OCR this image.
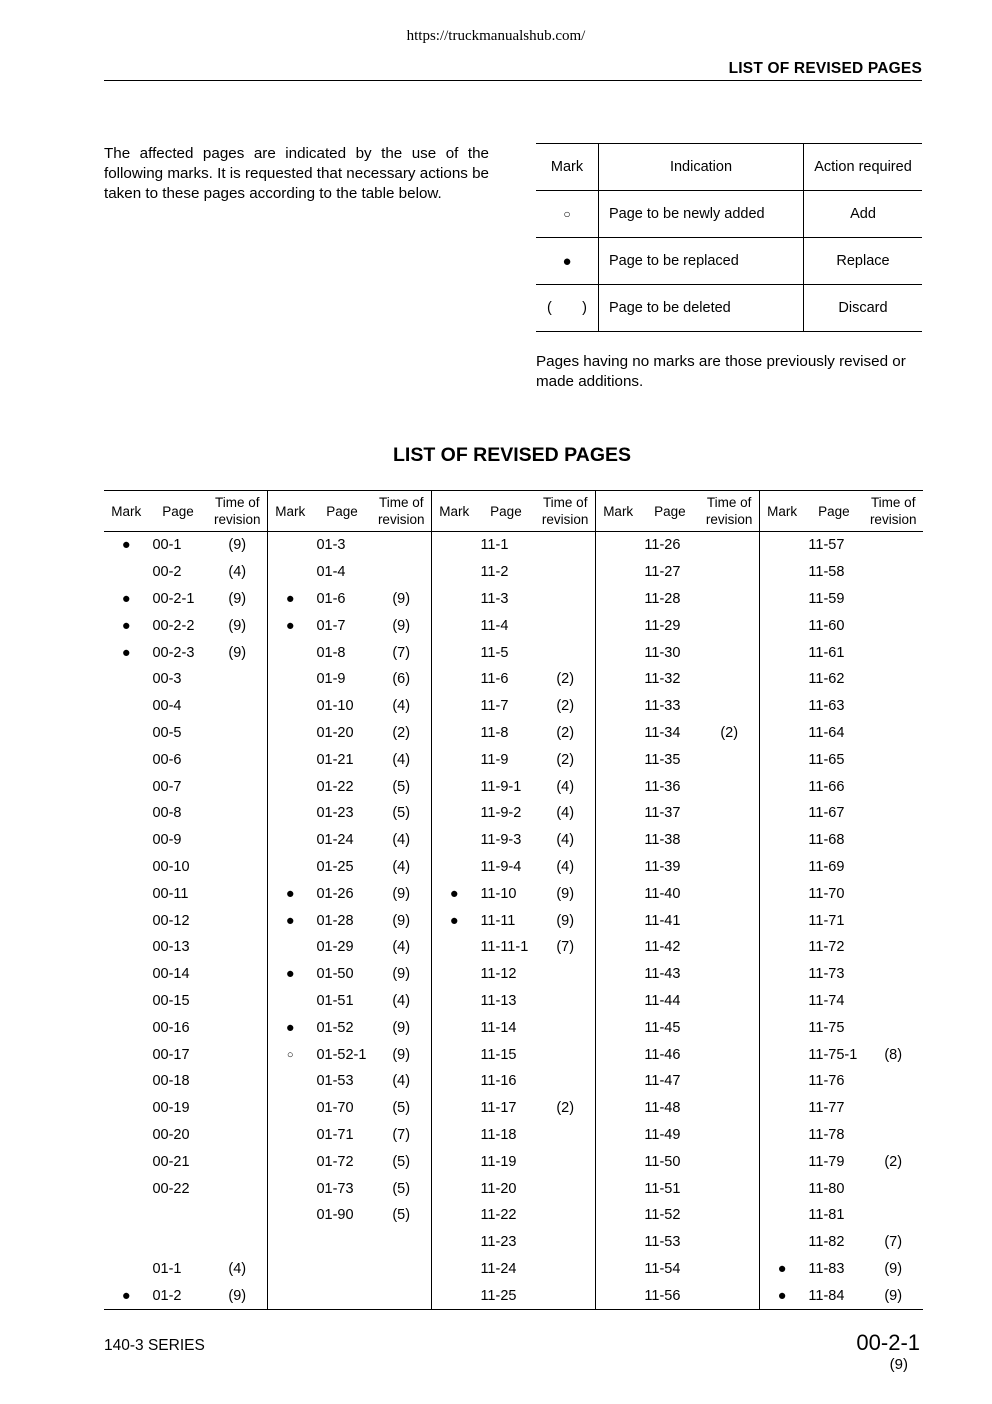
https://truckmanualshub.com/
LIST OF REVISED PAGES
The affected pages are indicated by the use of the following marks. It is requested that necessary actions be taken to these pages according to the table below.
Mark	Indication	Action required
○	Page to be newly added	Add
●	Page to be replaced	Replace

)
(	Page to be deleted	Discard
Pages having no marks are those previously revised or made additions.
LIST OF REVISED PAGES
Mark	Page	Time of revision	Mark	Page	Time of revision	Mark	Page	Time of revision	Mark	Page	Time of revision	Mark	Page	Time of revision
●	00-1	(9)		01-3			11-1			11-26			11-57	
	00-2	(4)		01-4			11-2			11-27			11-58	
●	00-2-1	(9)	●	01-6	(9)		11-3			11-28			11-59	
●	00-2-2	(9)	●	01-7	(9)		11-4			11-29			11-60	
●	00-2-3	(9)		01-8	(7)		11-5			11-30			11-61	
	00-3			01-9	(6)		11-6	(2)		11-32			11-62	
	00-4			01-10	(4)		11-7	(2)		11-33			11-63	
	00-5			01-20	(2)		11-8	(2)		11-34	(2)		11-64	
	00-6			01-21	(4)		11-9	(2)		11-35			11-65	
	00-7			01-22	(5)		11-9-1	(4)		11-36			11-66	
	00-8			01-23	(5)		11-9-2	(4)		11-37			11-67	
	00-9			01-24	(4)		11-9-3	(4)		11-38			11-68	
	00-10			01-25	(4)		11-9-4	(4)		11-39			11-69	
	00-11		●	01-26	(9)	●	11-10	(9)		11-40			11-70	
	00-12		●	01-28	(9)	●	11-11	(9)		11-41			11-71	
	00-13			01-29	(4)		11-11-1	(7)		11-42			11-72	
	00-14		●	01-50	(9)		11-12			11-43			11-73	
	00-15			01-51	(4)		11-13			11-44			11-74	
	00-16		●	01-52	(9)		11-14			11-45			11-75	
	00-17		○	01-52-1	(9)		11-15			11-46			11-75-1	(8)
	00-18			01-53	(4)		11-16			11-47			11-76	
	00-19			01-70	(5)		11-17	(2)		11-48			11-77	
	00-20			01-71	(7)		11-18			11-49			11-78	
	00-21			01-72	(5)		11-19			11-50			11-79	(2)
	00-22			01-73	(5)		11-20			11-51			11-80	
				01-90	(5)		11-22			11-52			11-81	
							11-23			11-53			11-82	(7)
	01-1	(4)					11-24			11-54		●	11-83	(9)
●	01-2	(9)					11-25			11-56		●	11-84	(9)
140-3 SERIES	00-2-1
(9)
